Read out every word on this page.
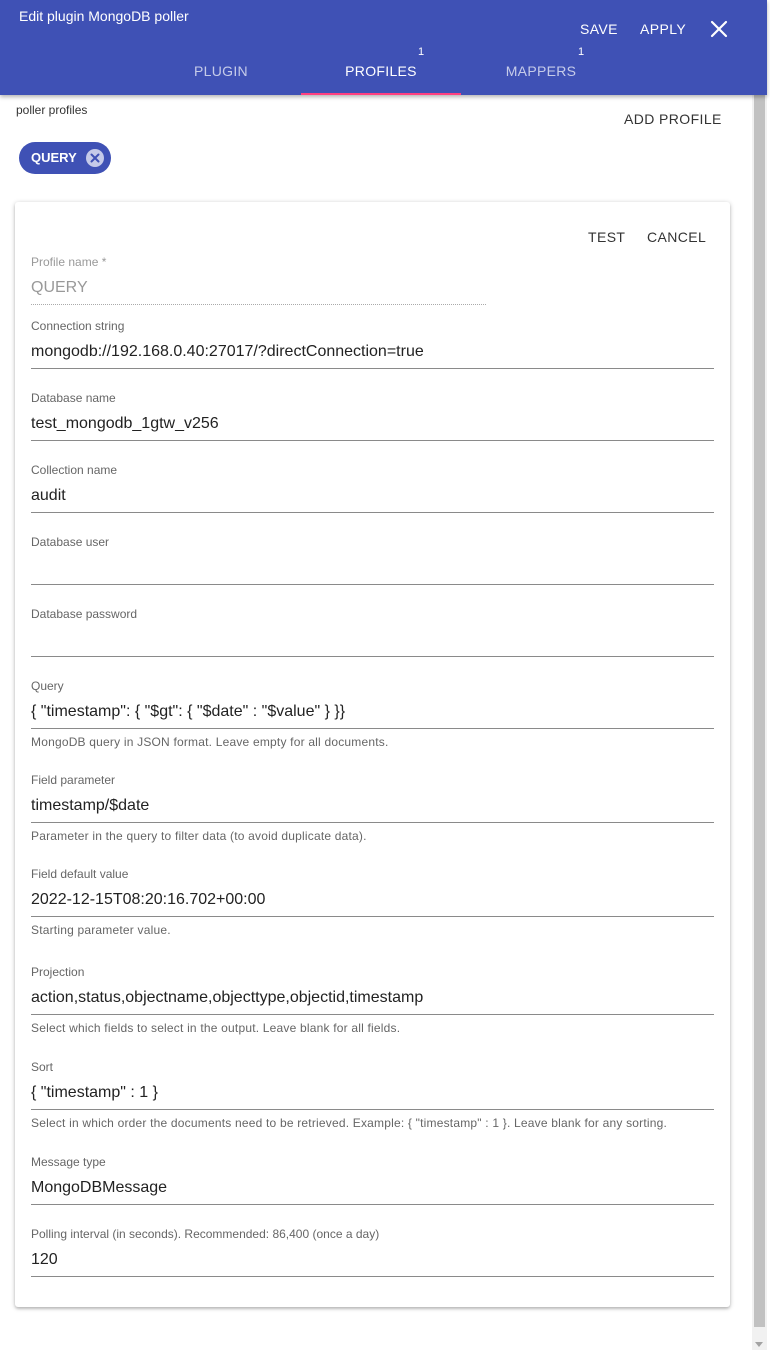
Edit plugin MongoDB poller
SAVE APPLY
PLUGIN
1
PROFILES
1
MAPPERS
poller profiles
ADD PROFILE
QUERY
TEST CANCEL
Profile name *
QUERY
Connection string
mongodb://192.168.0.40:27017/?directConnection=true
Database name
test_mongodb_1gtw_v256
Collection name
audit
Database user
Database password
Query
{ "timestamp": { "$gt": { "$date" : "$value" } }}
MongoDB query in JSON format. Leave empty for all documents.
Field parameter
timestamp/$date
Parameter in the query to filter data (to avoid duplicate data).
Field default value
2022-12-15T08:20:16.702+00:00
Starting parameter value.
Projection
action,status,objectname,objecttype,objectid,timestamp
Select which fields to select in the output. Leave blank for all fields.
Sort
{ "timestamp" : 1 }
Select in which order the documents need to be retrieved. Example: { "timestamp" : 1 }. Leave blank for any sorting.
Message type
MongoDBMessage
Polling interval (in seconds). Recommended: 86,400 (once a day)
120
